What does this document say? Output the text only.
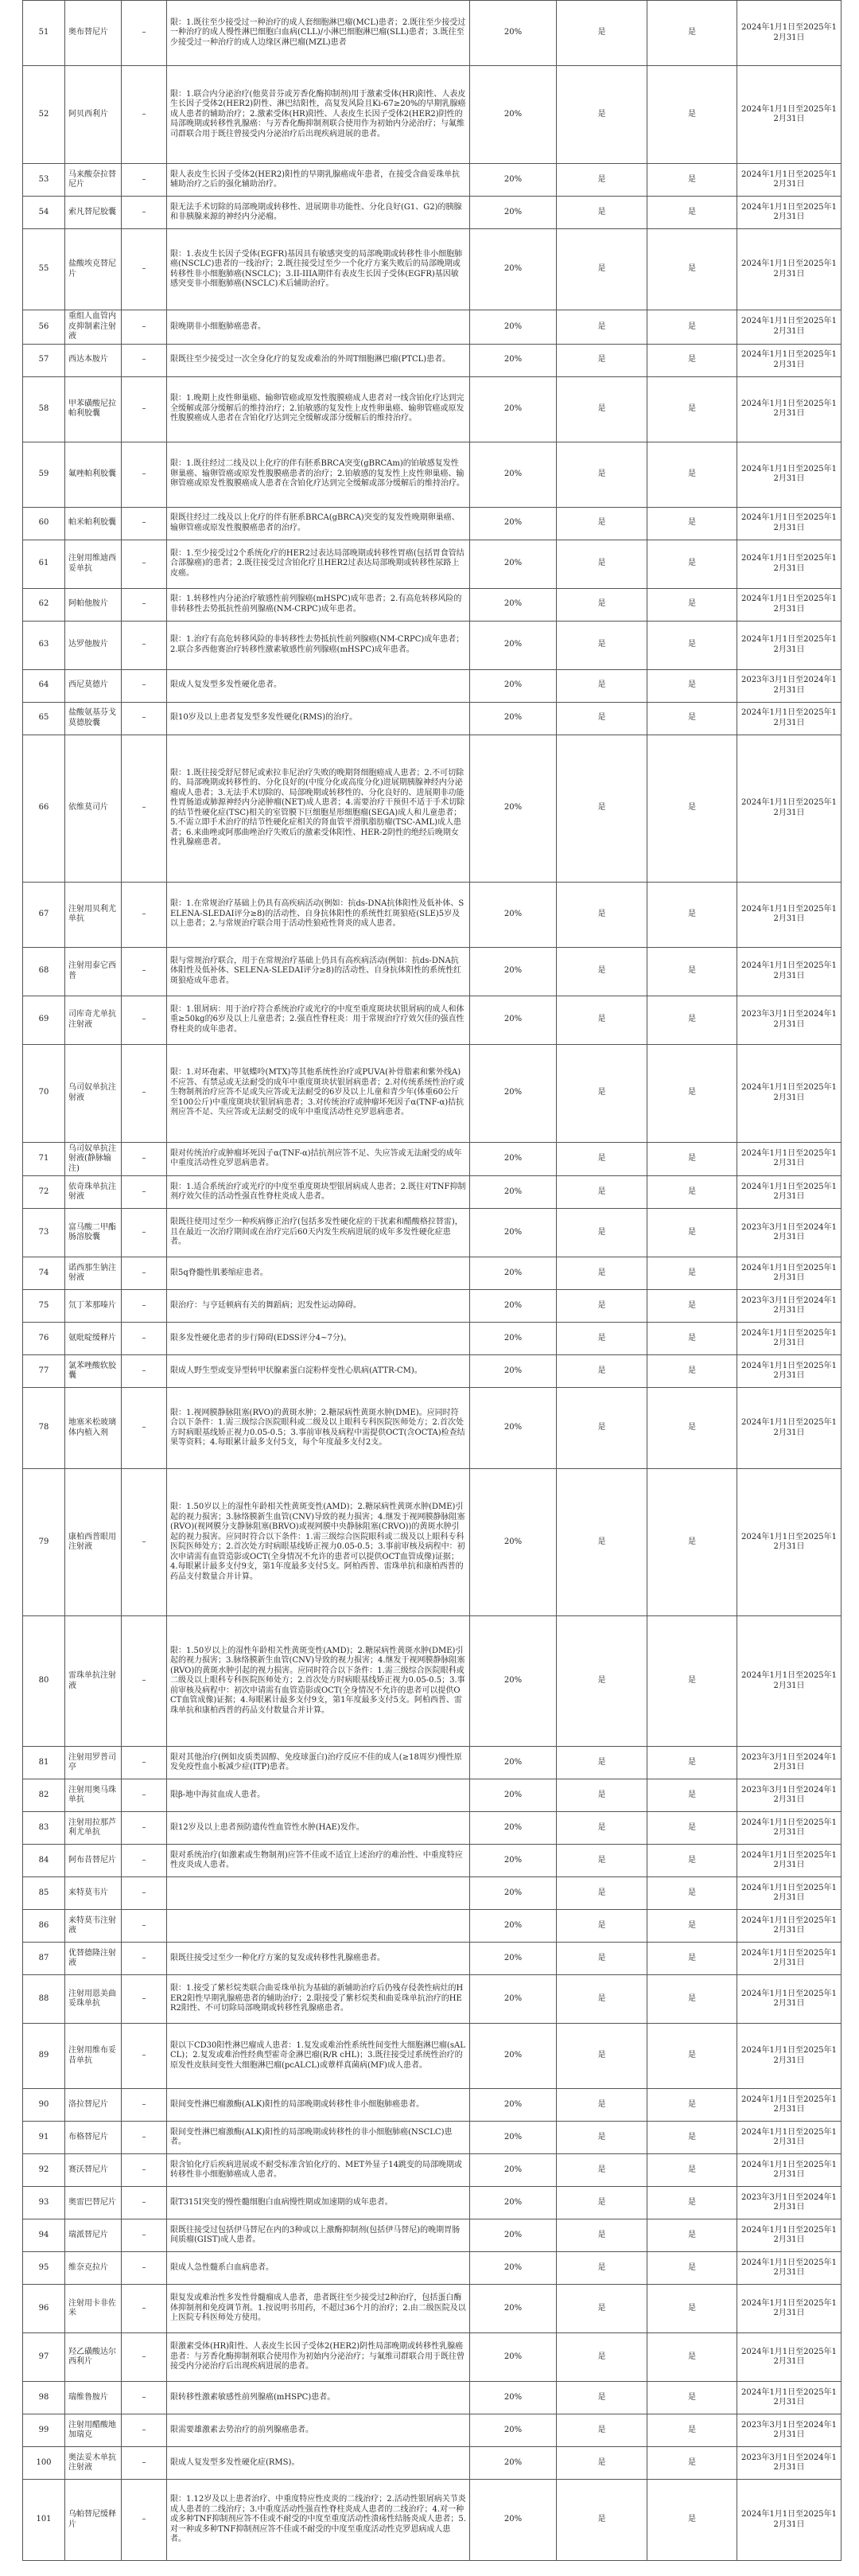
51	奥布替尼片	–	限：1.既往至少接受过一种治疗的成人套细胞淋巴瘤(MCL)患者；2.既往至少接受过一种治疗的成人慢性淋巴细胞白血病(CLL)/小淋巴细胞淋巴瘤(SLL)患者；3.既往至少接受过一种治疗的成人边缘区淋巴瘤(MZL)患者	20%	是	是	2024年1月1日至2025年12月31日
52	阿贝西利片	–	限：1.联合内分泌治疗(他莫昔芬或芳香化酶抑制剂)用于激素受体(HR)阳性、人表皮生长因子受体2(HER2)阴性、淋巴结阳性，高复发风险且Ki-67≥20%的早期乳腺癌成人患者的辅助治疗；2.激素受体(HR)阳性、人表皮生长因子受体2(HER2)阴性的局部晚期或转移性乳腺癌：与芳香化酶抑制剂联合使用作为初始内分泌治疗；与氟维司群联合用于既往曾接受内分泌治疗后出现疾病进展的患者。	20%	是	是	2024年1月1日至2025年12月31日
53	马来酸奈拉替尼片	–	限人表皮生长因子受体2(HER2)阳性的早期乳腺癌成年患者，在接受含曲妥珠单抗辅助治疗之后的强化辅助治疗。	20%	是	是	2024年1月1日至2025年12月31日
54	索凡替尼胶囊	–	限无法手术切除的局部晚期或转移性、进展期非功能性、分化良好(G1、G2)的胰腺和非胰腺来源的神经内分泌瘤。	20%	是	是	2024年1月1日至2025年12月31日
55	盐酸埃克替尼片	–	限：1.表皮生长因子受体(EGFR)基因具有敏感突变的局部晚期或转移性非小细胞肺癌(NSCLC)患者的一线治疗；2.既往接受过至少一个化疗方案失败后的局部晚期或转移性非小细胞肺癌(NSCLC)；3.II-IIIA期伴有表皮生长因子受体(EGFR)基因敏感突变非小细胞肺癌(NSCLC)术后辅助治疗。	20%	是	是	2024年1月1日至2025年12月31日
56	重组人血管内皮抑制素注射液	–	限晚期非小细胞肺癌患者。	20%	是	是	2024年1月1日至2025年12月31日
57	西达本胺片	–	限既往至少接受过一次全身化疗的复发或难治的外周T细胞淋巴瘤(PTCL)患者。	20%	是	是	2024年1月1日至2025年12月31日
58	甲苯磺酸尼拉帕利胶囊	–	限：1.晚期上皮性卵巢癌、输卵管癌或原发性腹膜癌成人患者对一线含铂化疗达到完全缓解或部分缓解后的维持治疗；2.铂敏感的复发性上皮性卵巢癌、输卵管癌或原发性腹膜癌成人患者在含铂化疗达到完全缓解或部分缓解后的维持治疗。	20%	是	是	2024年1月1日至2025年12月31日
59	氟唑帕利胶囊	–	限：1.既往经过二线及以上化疗的伴有胚系BRCA突变(gBRCAm)的铂敏感复发性卵巢癌、输卵管癌或原发性腹膜癌患者的治疗；2.铂敏感的复发性上皮性卵巢癌、输卵管癌或原发性腹膜癌成人患者在含铂化疗达到完全缓解或部分缓解后的维持治疗。	20%	是	是	2024年1月1日至2025年12月31日
60	帕米帕利胶囊	–	限既往经过二线及以上化疗的伴有胚系BRCA(gBRCA)突变的复发性晚期卵巢癌、输卵管癌或原发性腹膜癌患者的治疗。	20%	是	是	2024年1月1日至2025年12月31日
61	注射用维迪西妥单抗	–	限：1.至少接受过2个系统化疗的HER2过表达局部晚期或转移性胃癌(包括胃食管结合部腺癌)的患者；2.既往接受过含铂化疗且HER2过表达局部晚期或转移性尿路上皮癌。	20%	是	是	2024年1月1日至2025年12月31日
62	阿帕他胺片	–	限：1.转移性内分泌治疗敏感性前列腺癌(mHSPC)成年患者；2.有高危转移风险的非转移性去势抵抗性前列腺癌(NM-CRPC)成年患者。	20%	是	是	2024年1月1日至2025年12月31日
63	达罗他胺片	–	限：1.治疗有高危转移风险的非转移性去势抵抗性前列腺癌(NM-CRPC)成年患者；2.联合多西他赛治疗转移性激素敏感性前列腺癌(mHSPC)成年患者。	20%	是	是	2024年1月1日至2025年12月31日
64	西尼莫德片	–	限成人复发型多发性硬化患者。	20%	是	是	2023年3月1日至2024年12月31日
65	盐酸氨基芬戈莫德胶囊	–	限10岁及以上患者复发型多发性硬化(RMS)的治疗。	20%	是	是	2024年1月1日至2025年12月31日
66	依维莫司片	–	限：1.既往接受舒尼替尼或索拉非尼治疗失败的晚期肾细胞癌成人患者；2.不可切除的、局部晚期或转移性的、分化良好的(中度分化或高度分化)进展期胰腺神经内分泌瘤成人患者；3.无法手术切除的、局部晚期或转移性的、分化良好的、进展期非功能性胃肠道或肺源神经内分泌肿瘤(NET)成人患者；4.需要治疗干预但不适于手术切除的结节性硬化症(TSC)相关的室管膜下巨细胞星形细胞瘤(SEGA)成人和儿童患者；5.不需立即手术治疗的结节性硬化症相关的肾血管平滑肌脂肪瘤(TSC-AML)成人患者；6.来曲唑或阿那曲唑治疗失败后的激素受体阳性、HER-2阴性的绝经后晚期女性乳腺癌患者。	20%	是	是	2024年1月1日至2025年12月31日
67	注射用贝利尤单抗	–	限：1.在常规治疗基础上仍具有高疾病活动(例如：抗ds-DNA抗体阳性及低补体、SELENA-SLEDAI评分≥8)的活动性、自身抗体阳性的系统性红斑狼疮(SLE)5岁及以上患者；2.与常规治疗联合用于活动性狼疮性肾炎的成人患者。	20%	是	是	2024年1月1日至2025年12月31日
68	注射用泰它西普	–	限与常规治疗联合，用于在常规治疗基础上仍具有高疾病活动(例如：抗ds-DNA抗体阳性及低补体、SELENA-SLEDAI评分≥8)的活动性、自身抗体阳性的系统性红斑狼疮成年患者。	20%	是	是	2024年1月1日至2025年12月31日
69	司库奇尤单抗注射液	–	限：1.银屑病：用于治疗符合系统治疗或光疗的中度至重度斑块状银屑病的成人和体重≥50kg的6岁及以上儿童患者；2.强直性脊柱炎：用于常规治疗疗效欠佳的强直性脊柱炎的成年患者。	20%	是	是	2023年3月1日至2024年12月31日
70	乌司奴单抗注射液	–	限：1.对环孢素、甲氨蝶呤(MTX)等其他系统性治疗或PUVA(补骨脂素和紫外线A)不应答、有禁忌或无法耐受的成年中重度斑块状银屑病患者；2.对传统系统性治疗或生物制剂治疗应答不足或失应答或无法耐受的6岁及以上儿童和青少年(体重60公斤至100公斤)中重度斑块状银屑病患者；3.对传统治疗或肿瘤坏死因子α(TNF-α)拮抗剂应答不足、失应答或无法耐受的成年中重度活动性克罗恩病患者。	20%	是	是	2024年1月1日至2025年12月31日
71	乌司奴单抗注射液(静脉输注)	–	限对传统治疗或肿瘤坏死因子α(TNF-α)拮抗剂应答不足、失应答或无法耐受的成年中重度活动性克罗恩病患者。	20%	是	是	2024年1月1日至2025年12月31日
72	依奇珠单抗注射液	–	限：1.适合系统治疗或光疗的中度至重度斑块型银屑病成人患者；2.既往对TNF抑制剂疗效欠佳的活动性强直性脊柱炎成人患者。	20%	是	是	2024年1月1日至2025年12月31日
73	富马酸二甲酯肠溶胶囊	–	限既往使用过至少一种疾病修正治疗(包括多发性硬化症的干扰素和醋酸格拉替雷)，且在最近一次治疗期间或在治疗完后60天内发生疾病进展的成年多发性硬化症患者。	20%	是	是	2023年3月1日至2024年12月31日
74	诺西那生钠注射液	–	限5q脊髓性肌萎缩症患者。	20%	是	是	2024年1月1日至2025年12月31日
75	氘丁苯那嗪片	–	限治疗：与亨廷顿病有关的舞蹈病；迟发性运动障碍。	20%	是	是	2023年3月1日至2024年12月31日
76	氨吡啶缓释片	–	限多发性硬化患者的步行障碍(EDSS评分4~7分)。	20%	是	是	2024年1月1日至2025年12月31日
77	氯苯唑酸软胶囊	–	限成人野生型或变异型转甲状腺素蛋白淀粉样变性心肌病(ATTR-CM)。	20%	是	是	2024年1月1日至2025年12月31日
78	地塞米松玻璃体内植入剂	–	限：1.视网膜静脉阻塞(RVO)的黄斑水肿；2.糖尿病性黄斑水肿(DME)。应同时符合以下条件：1.需三级综合医院眼科或二级及以上眼科专科医院医师处方；2.首次处方时病眼基线矫正视力0.05-0.5；3.事前审核及病程中需提供OCT(含OCTA)检查结果等资料；4.每眼累计最多支付5支，每个年度最多支付2支。	20%	是	是	2024年1月1日至2025年12月31日
79	康柏西普眼用注射液	–	限：1.50岁以上的湿性年龄相关性黄斑变性(AMD)；2.糖尿病性黄斑水肿(DME)引起的视力损害；3.脉络膜新生血管(CNV)导致的视力损害；4.继发于视网膜静脉阻塞(RVO)(视网膜分支静脉阻塞(BRVO)或视网膜中央静脉阻塞(CRVO))的黄斑水肿引起的视力损害。应同时符合以下条件：1.需三级综合医院眼科或二级及以上眼科专科医院医师处方；2.首次处方时病眼基线矫正视力0.05-0.5；3.事前审核及病程中：初次申请需有血管造影或OCT(全身情况不允许的患者可以提供OCT血管成像)证据；4.每眼累计最多支付9支，第1年度最多支付5支。阿柏西普、雷珠单抗和康柏西普的药品支付数量合并计算。	20%	是	是	2024年1月1日至2025年12月31日
80	雷珠单抗注射液	–	限：1.50岁以上的湿性年龄相关性黄斑变性(AMD)；2.糖尿病性黄斑水肿(DME)引起的视力损害；3.脉络膜新生血管(CNV)导致的视力损害；4.继发于视网膜静脉阻塞(RVO)的黄斑水肿引起的视力损害。应同时符合以下条件：1.需三级综合医院眼科或二级及以上眼科专科医院医师处方；2.首次处方时病眼基线矫正视力0.05-0.5；3.事前审核及病程中：初次申请需有血管造影或OCT(全身情况不允许的患者可以提供OCT血管成像)证据；4.每眼累计最多支付9支，第1年度最多支付5支。阿柏西普、雷珠单抗和康柏西普的药品支付数量合并计算。	20%	是	是	2024年1月1日至2025年12月31日
81	注射用罗普司亭	–	限对其他治疗(例如皮质类固醇、免疫球蛋白)治疗反应不佳的成人(≥18周岁)慢性原发免疫性血小板减少症(ITP)患者。	20%	是	是	2023年3月1日至2024年12月31日
82	注射用奥马珠单抗	–	限β-地中海贫血成人患者。	20%	是	是	2023年3月1日至2024年12月31日
83	注射用拉那芦利尤单抗	–	限12岁及以上患者预防遗传性血管性水肿(HAE)发作。	20%	是	是	2024年1月1日至2025年12月31日
84	阿布昔替尼片	–	限对系统治疗(如激素或生物制剂)应答不佳或不适宜上述治疗的难治性、中重度特应性皮炎成人患者。	20%	是	是	2024年1月1日至2025年12月31日
85	来特莫韦片	–		20%	是	是	2024年1月1日至2025年12月31日
86	来特莫韦注射液	–		20%	是	是	2024年1月1日至2025年12月31日
87	优替德隆注射液	–	限既往接受过至少一种化疗方案的复发或转移性乳腺癌患者。	20%	是	是	2024年1月1日至2025年12月31日
88	注射用恩美曲妥珠单抗	–	限：1.接受了紫杉烷类联合曲妥珠单抗为基础的新辅助治疗后仍残存侵袭性病灶的HER2阳性早期乳腺癌患者的辅助治疗；2.限接受了紫杉烷类和曲妥珠单抗治疗的HER2阳性、不可切除局部晚期或转移性乳腺癌患者。	20%	是	是	2024年1月1日至2025年12月31日
89	注射用维布妥昔单抗	–	限以下CD30阳性淋巴瘤成人患者：1.复发或难治性系统性间变性大细胞淋巴瘤(sALCL)；2.复发或难治性经典型霍奇金淋巴瘤(R/R cHL)；3.既往接受过系统性治疗的原发性皮肤间变性大细胞淋巴瘤(pcALCL)或蕈样真菌病(MF)成人患者。	20%	是	是	2024年1月1日至2025年12月31日
90	洛拉替尼片	–	限间变性淋巴瘤激酶(ALK)阳性的局部晚期或转移性非小细胞肺癌患者。	20%	是	是	2024年1月1日至2025年12月31日
91	布格替尼片	–	限间变性淋巴瘤激酶(ALK)阳性的局部晚期或转移性的非小细胞肺癌(NSCLC)患者。	20%	是	是	2024年1月1日至2025年12月31日
92	赛沃替尼片	–	限含铂化疗后疾病进展或不耐受标准含铂化疗的、MET外显子14跳变的局部晚期或转移性非小细胞肺癌成人患者。	20%	是	是	2024年1月1日至2025年12月31日
93	奥雷巴替尼片	–	限T315I突变的慢性髓细胞白血病慢性期或加速期的成年患者。	20%	是	是	2023年3月1日至2024年12月31日
94	瑞派替尼片	–	限既往接受过包括伊马替尼在内的3种或以上激酶抑制剂(包括伊马替尼)的晚期胃肠间质瘤(GIST)成人患者。	20%	是	是	2024年1月1日至2025年12月31日
95	维奈克拉片	–	限成人急性髓系白血病患者。	20%	是	是	2024年1月1日至2025年12月31日
96	注射用卡非佐米	–	限复发或难治性多发性骨髓瘤成人患者，患者既往至少接受过2种治疗，包括蛋白酶体抑制剂和免疫调节剂。1.按说明书用药，不超过36个月的治疗；2.由二级医院及以上医院专科医师处方使用。	20%	是	是	2024年1月1日至2025年12月31日
97	羟乙磺酸达尔西利片	–	限激素受体(HR)阳性、人表皮生长因子受体2(HER2)阴性局部晚期或转移性乳腺癌患者：与芳香化酶抑制剂联合使用作为初始内分泌治疗；与氟维司群联合用于既往曾接受内分泌治疗后出现疾病进展的患者。	20%	是	是	2024年1月1日至2025年12月31日
98	瑞维鲁胺片	–	限转移性激素敏感性前列腺癌(mHSPC)患者。	20%	是	是	2024年1月1日至2025年12月31日
99	注射用醋酸地加瑞克	–	限需要雄激素去势治疗的前列腺癌患者。	20%	是	是	2023年3月1日至2024年12月31日
100	奥法妥木单抗注射液	–	限成人复发型多发性硬化症(RMS)。	20%	是	是	2023年3月1日至2024年12月31日
101	乌帕替尼缓释片	–	限：1.12岁及以上患者治疗、中重度特应性皮炎的二线治疗；2.活动性银屑病关节炎成人患者的二线治疗；3.中重度活动性强直性脊柱炎成人患者的二线治疗；4.对一种或多种TNF抑制剂应答不佳或不耐受的中度至重度活动性溃疡性结肠炎成人患者；5.对一种或多种TNF抑制剂应答不佳或不耐受的中度至重度活动性克罗恩病成人患者。	20%	是	是	2024年1月1日至2025年12月31日
